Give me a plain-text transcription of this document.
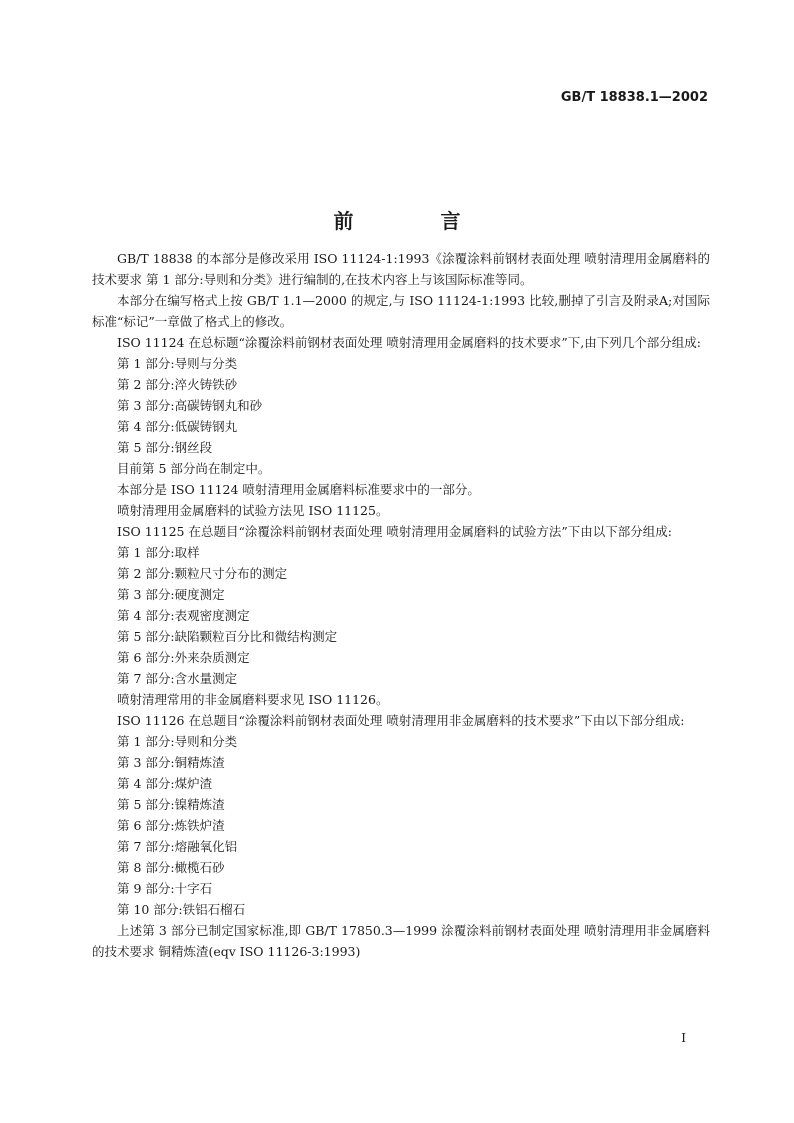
GB/T 18838.1—2002
前 言

GB/T 18838 的本部分是修改采用 ISO 11124-1:1993《涂覆涂料前钢材表面处理 喷射清理用金属磨料的技术要求 第 1 部分:导则和分类》进行编制的,在技术内容上与该国际标准等同。

本部分在编写格式上按 GB/T 1.1—2000 的规定,与 ISO 11124-1:1993 比较,删掉了引言及附录A;对国际标准“标记”一章做了格式上的修改。

ISO 11124 在总标题“涂覆涂料前钢材表面处理 喷射清理用金属磨料的技术要求”下,由下列几个部分组成:

第 1 部分:导则与分类

第 2 部分:淬火铸铁砂

第 3 部分:高碳铸钢丸和砂

第 4 部分:低碳铸钢丸

第 5 部分:钢丝段

目前第 5 部分尚在制定中。

本部分是 ISO 11124 喷射清理用金属磨料标准要求中的一部分。

喷射清理用金属磨料的试验方法见 ISO 11125。

ISO 11125 在总题目“涂覆涂料前钢材表面处理 喷射清理用金属磨料的试验方法”下由以下部分组成:

第 1 部分:取样

第 2 部分:颗粒尺寸分布的测定

第 3 部分:硬度测定

第 4 部分:表观密度测定

第 5 部分:缺陷颗粒百分比和微结构测定

第 6 部分:外来杂质测定

第 7 部分:含水量测定

喷射清理常用的非金属磨料要求见 ISO 11126。

ISO 11126 在总题目“涂覆涂料前钢材表面处理 喷射清理用非金属磨料的技术要求”下由以下部分组成:

第 1 部分:导则和分类

第 3 部分:铜精炼渣

第 4 部分:煤炉渣

第 5 部分:镍精炼渣

第 6 部分:炼铁炉渣

第 7 部分:熔融氧化铝

第 8 部分:橄榄石砂

第 9 部分:十字石

第 10 部分:铁铝石榴石

上述第 3 部分已制定国家标准,即 GB/T 17850.3—1999 涂覆涂料前钢材表面处理 喷射清理用非金属磨料的技术要求 铜精炼渣(eqv ISO 11126-3:1993)

I
